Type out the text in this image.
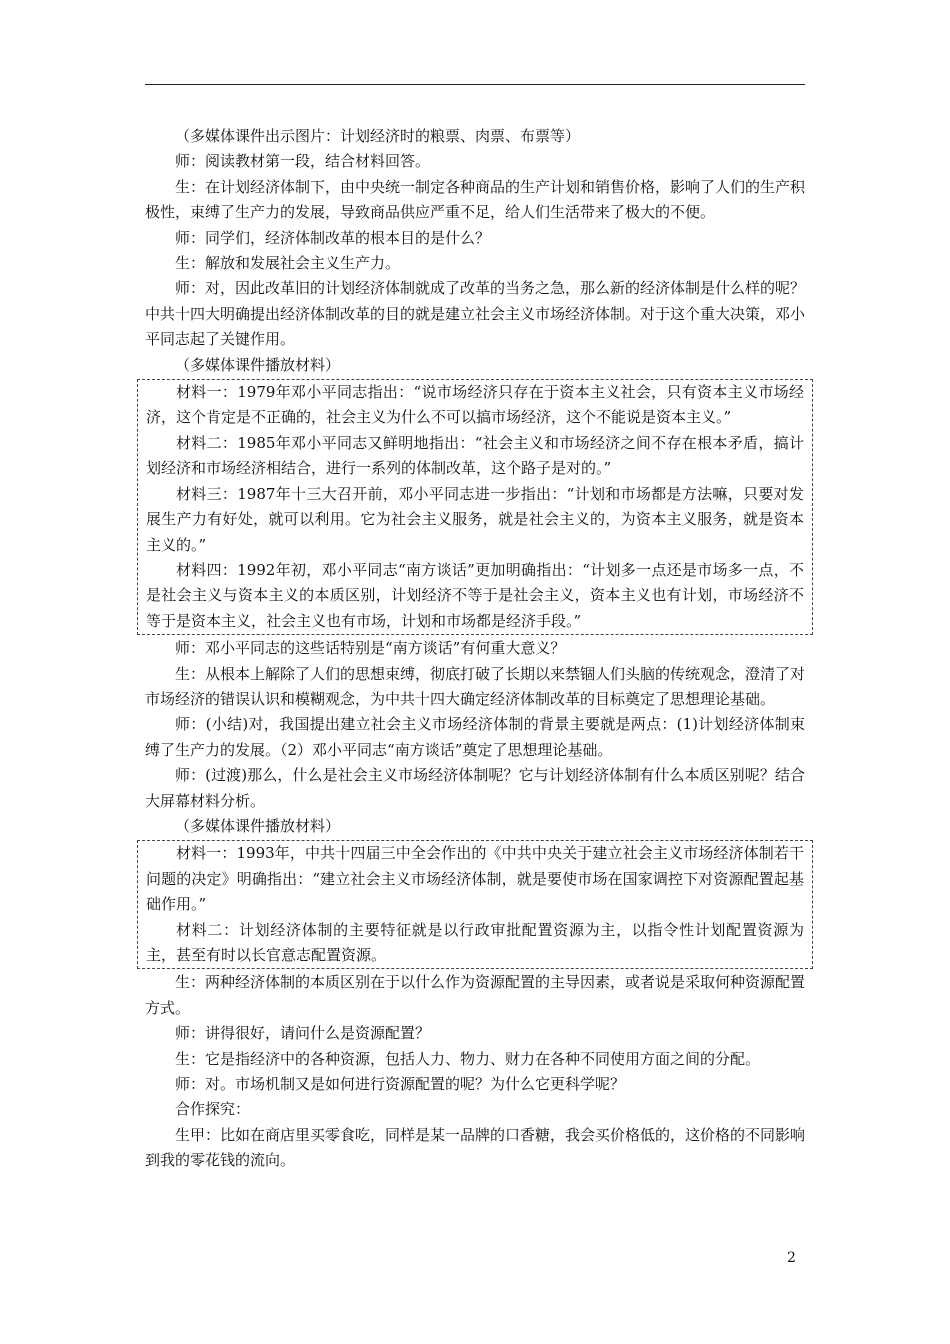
（多媒体课件出示图片：计划经济时的粮票、肉票、布票等）

师：阅读教材第一段，结合材料回答。

生：在计划经济体制下，由中央统一制定各种商品的生产计划和销售价格，影响了人们的生产积极性，束缚了生产力的发展，导致商品供应严重不足，给人们生活带来了极大的不便。

师：同学们，经济体制改革的根本目的是什么？

生：解放和发展社会主义生产力。

师：对，因此改革旧的计划经济体制就成了改革的当务之急，那么新的经济体制是什么样的呢？中共十四大明确提出经济体制改革的目的就是建立社会主义市场经济体制。对于这个重大决策，邓小平同志起了关键作用。

（多媒体课件播放材料）

材料一：1979年邓小平同志指出：“说市场经济只存在于资本主义社会，只有资本主义市场经济，这个肯定是不正确的，社会主义为什么不可以搞市场经济，这个不能说是资本主义。”

材料二：1985年邓小平同志又鲜明地指出：“社会主义和市场经济之间不存在根本矛盾，搞计划经济和市场经济相结合，进行一系列的体制改革，这个路子是对的。”

材料三：1987年十三大召开前，邓小平同志进一步指出：“计划和市场都是方法嘛，只要对发展生产力有好处，就可以利用。它为社会主义服务，就是社会主义的，为资本主义服务，就是资本主义的。”

材料四：1992年初，邓小平同志“南方谈话”更加明确指出：“计划多一点还是市场多一点，不是社会主义与资本主义的本质区别，计划经济不等于是社会主义，资本主义也有计划，市场经济不等于是资本主义，社会主义也有市场，计划和市场都是经济手段。”

师：邓小平同志的这些话特别是“南方谈话”有何重大意义？

生：从根本上解除了人们的思想束缚，彻底打破了长期以来禁锢人们头脑的传统观念，澄清了对市场经济的错误认识和模糊观念，为中共十四大确定经济体制改革的目标奠定了思想理论基础。

师：(小结)对，我国提出建立社会主义市场经济体制的背景主要就是两点：(1)计划经济体制束缚了生产力的发展。（2）邓小平同志“南方谈话”奠定了思想理论基础。

师：(过渡)那么，什么是社会主义市场经济体制呢？它与计划经济体制有什么本质区别呢？结合大屏幕材料分析。

（多媒体课件播放材料）

材料一：1993年，中共十四届三中全会作出的《中共中央关于建立社会主义市场经济体制若干问题的决定》明确指出：“建立社会主义市场经济体制，就是要使市场在国家调控下对资源配置起基础作用。”

材料二：计划经济体制的主要特征就是以行政审批配置资源为主，以指令性计划配置资源为主，甚至有时以长官意志配置资源。

生：两种经济体制的本质区别在于以什么作为资源配置的主导因素，或者说是采取何种资源配置方式。

师：讲得很好，请问什么是资源配置？

生：它是指经济中的各种资源，包括人力、物力、财力在各种不同使用方面之间的分配。

师：对。市场机制又是如何进行资源配置的呢？为什么它更科学呢？

合作探究：

生甲：比如在商店里买零食吃，同样是某一品牌的口香糖，我会买价格低的，这价格的不同影响到我的零花钱的流向。

2
